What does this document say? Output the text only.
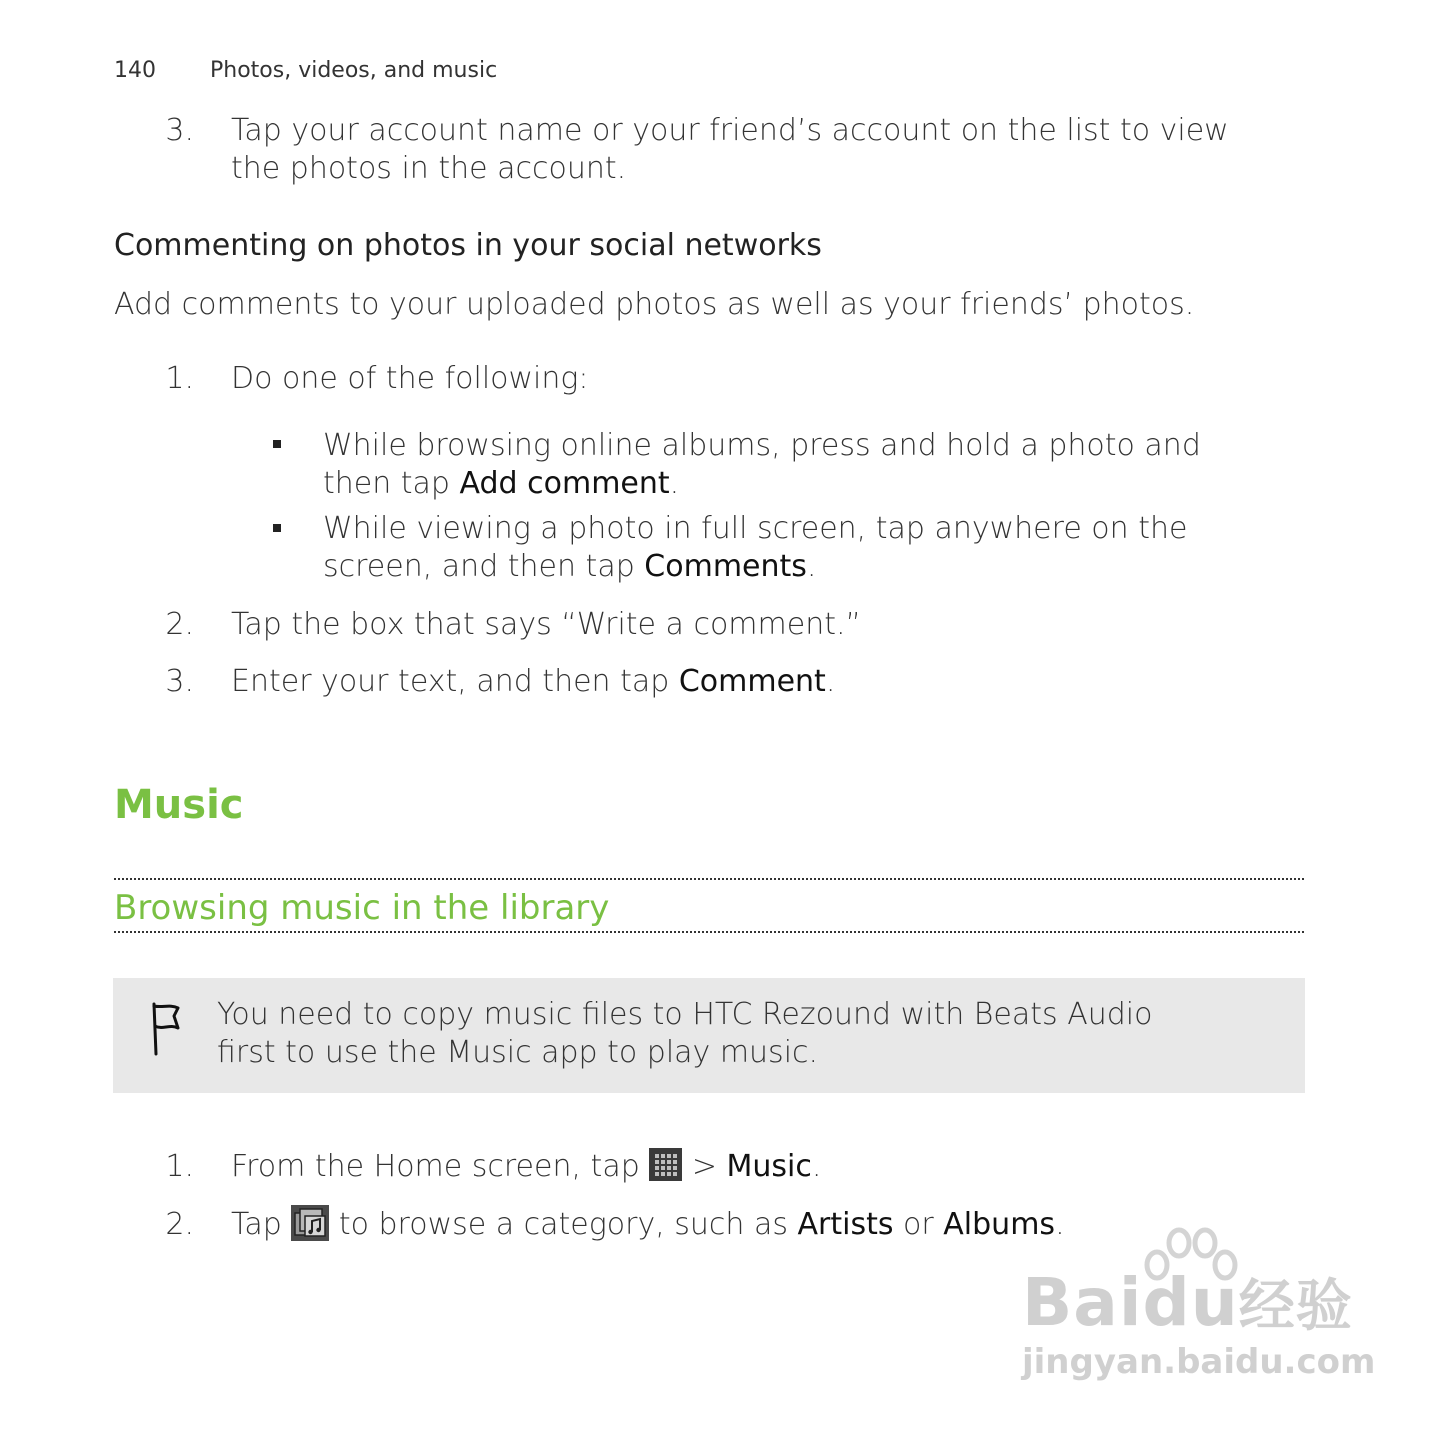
140 Photos, videos, and music
3. Tap your account name or your friend’s account on the list to view
the photos in the account.
Commenting on photos in your social networks
Add comments to your uploaded photos as well as your friends’ photos.
1. Do one of the following:
While browsing online albums, press and hold a photo and
then tap Add comment.
While viewing a photo in full screen, tap anywhere on the
screen, and then tap Comments.
2. Tap the box that says “Write a comment.”
3. Enter your text, and then tap Comment.
Music
Browsing music in the library
You need to copy music files to HTC Rezound with Beats Audio
first to use the Music app to play music.
1. From the Home screen, tap  > Music.
2. Tap  to browse a category, such as Artists or Albums.
Baidu经验
jingyan.baidu.com
